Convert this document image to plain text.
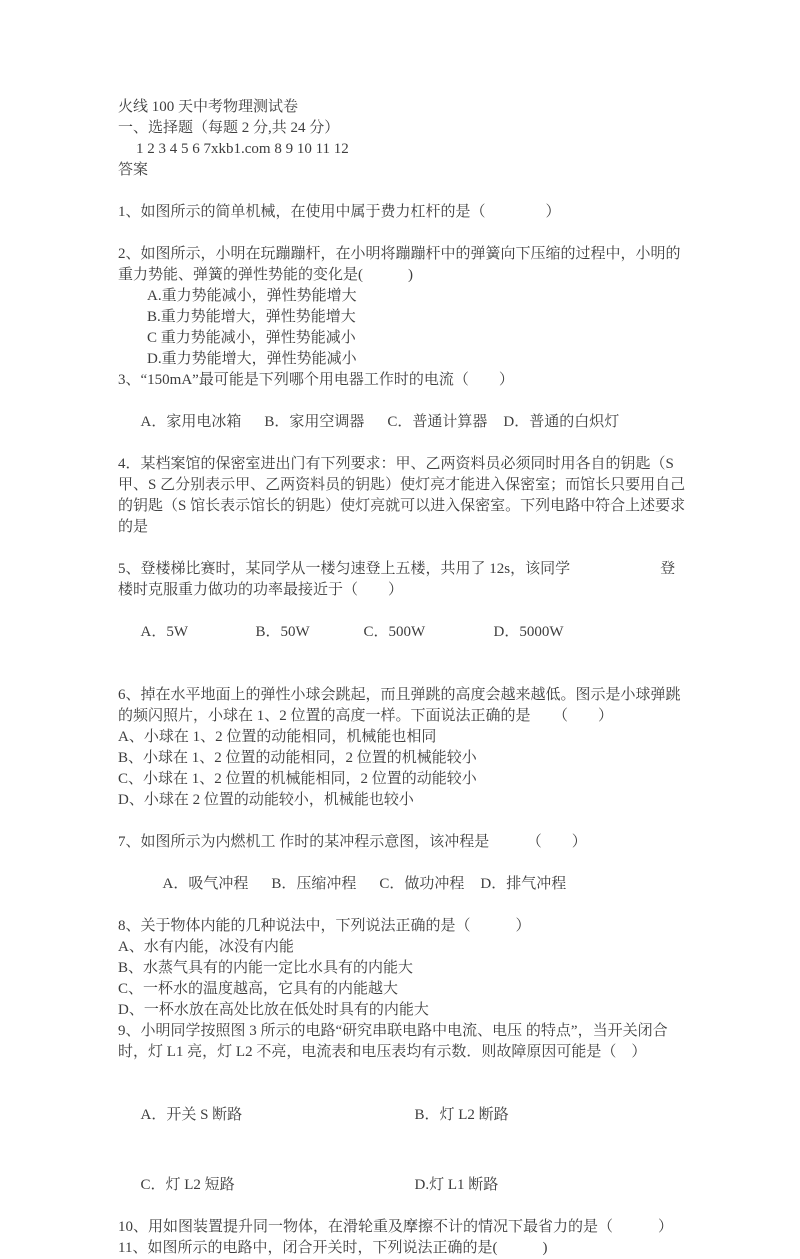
火线 100 天中考物理测试卷

一、选择题（每题 2 分,共 24 分）

1 2 3 4 5 6 7xkb1.com 8 9 10 11 12

答案

1、如图所示的简单机械，在使用中属于费力杠杆的是（　　　　）

2、如图所示，小明在玩蹦蹦杆，在小明将蹦蹦杆中的弹簧向下压缩的过程中，小明的重力势能、弹簧的弹性势能的变化是(　　　)

A.重力势能减小，弹性势能增大

B.重力势能增大，弹性势能增大

C 重力势能减小，弹性势能减小

D.重力势能增大，弹性势能减小

3、“150mA”最可能是下列哪个用电器工作时的电流（　　）

A．家用电冰箱 B．家用空调器 C．普通计算器 D．普通的白炽灯

4．某档案馆的保密室进出门有下列要求：甲、乙两资料员必须同时用各自的钥匙（S 甲、S 乙分别表示甲、乙两资料员的钥匙）使灯亮才能进入保密室；而馆长只要用自己的钥匙（S 馆长表示馆长的钥匙）使灯亮就可以进入保密室。下列电路中符合上述要求的是

5、登楼梯比赛时，某同学从一楼匀速登上五楼，共用了 12s，该同学　　　　　　登楼时克服重力做功的功率最接近于（　　）

A．5W	B．50W	C．500W	D．5000W

6、掉在水平地面上的弹性小球会跳起，而且弹跳的高度会越来越低。图示是小球弹跳的频闪照片，小球在 1、2 位置的高度一样。下面说法正确的是　　（　　）

A、小球在 1、2 位置的动能相同，机械能也相同

B、小球在 1、2 位置的动能相同，2 位置的机械能较小

C、小球在 1、2 位置的机械能相同，2 位置的动能较小

D、小球在 2 位置的动能较小，机械能也较小

7、如图所示为内燃机工 作时的某冲程示意图，该冲程是　　　（　　）

A．吸气冲程 B．压缩冲程 C．做功冲程 D．排气冲程

8、关于物体内能的几种说法中，下列说法正确的是（　　　）

A、水有内能，冰没有内能

B、水蒸气具有的内能一定比水具有的内能大

C、一杯水的温度越高，它具有的内能越大

D、一杯水放在高处比放在低处时具有的内能大

9、小明同学按照图 3 所示的电路“研究串联电路中电流、电压 的特点”，当开关闭合时，灯 L1 亮，灯 L2 不亮，电流表和电压表均有示数．则故障原因可能是（　）

A．开关 S 断路	B．灯 L2 断路

C．灯 L2 短路	D.灯 L1 断路

10、用如图装置提升同一物体，在滑轮重及摩擦不计的情况下最省力的是（　　　）

11、如图所示的电路中，闭合开关时，下列说法正确的是(　　　)
